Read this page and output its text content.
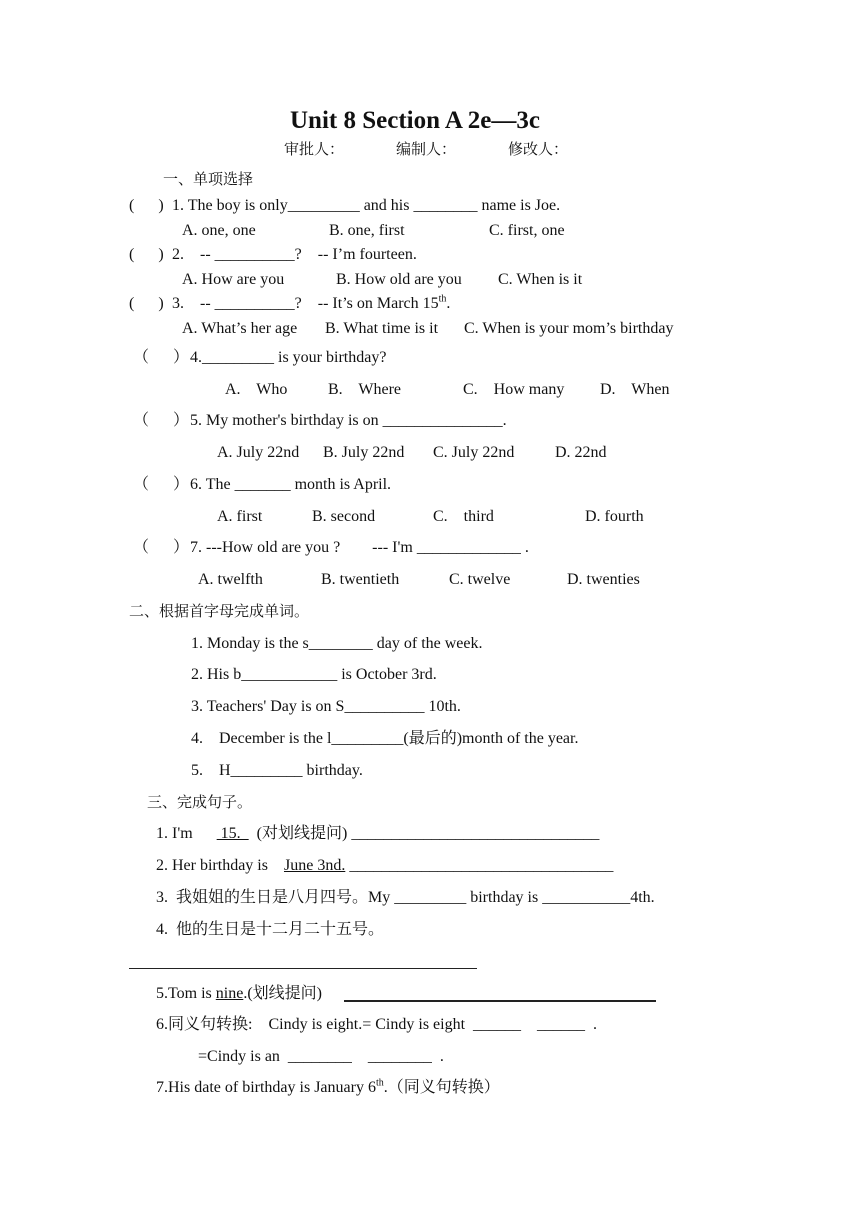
Unit 8 Section A 2e—3c
审批人：	编制人：	修改人：
一、单项选择
(      ) 1. The boy is only_________ and his ________ name is Joe.
A. one, one	B. one, first	C. first, one
(      ) 2.    -- __________?    -- I’m fourteen.
A. How are you	B. How old are you C. When is it
(      ) 3.    -- __________?    -- It’s on March 15th.
A. What’s her age B. What time is it C. When is your mom’s birthday
（      ） 4._________ is your birthday?
A.    Who	B.    Where	C.    How many D.    When
（      ） 5. My mother's birthday is on _______________.
A. July 22nd B. July 22nd C. July 22nd	D. 22nd
（      ） 6. The _______ month is April.
A. first	B. second	C.    third	D. fourth
（      ） 7. ---How old are you ?        --- I'm _____________ .
A. twelfth	B. twentieth	C. twelve	D. twenties
二、根据首字母完成单词。
1. Monday is the s________ day of the week.
2. His b____________ is October 3rd.
3. Teachers' Day is on S__________ 10th.
4.    December is the l_________(最后的)month of the year.
5.    H_________ birthday.
三、完成句子。
1. I'm       15.    (对划线提问) _______________________________
2. Her birthday is    June 3nd. _________________________________
3.  我姐姐的生日是八月四号。My _________ birthday is ___________4th.
4.  他的生日是十二月二十五号。
5.Tom is nine.(划线提问)
6.同义句转换:    Cindy is eight.= Cindy is eight  ______ ______  .
=Cindy is an  ________ ________  .
7.His date of birthday is January 6th.（同义句转换）
